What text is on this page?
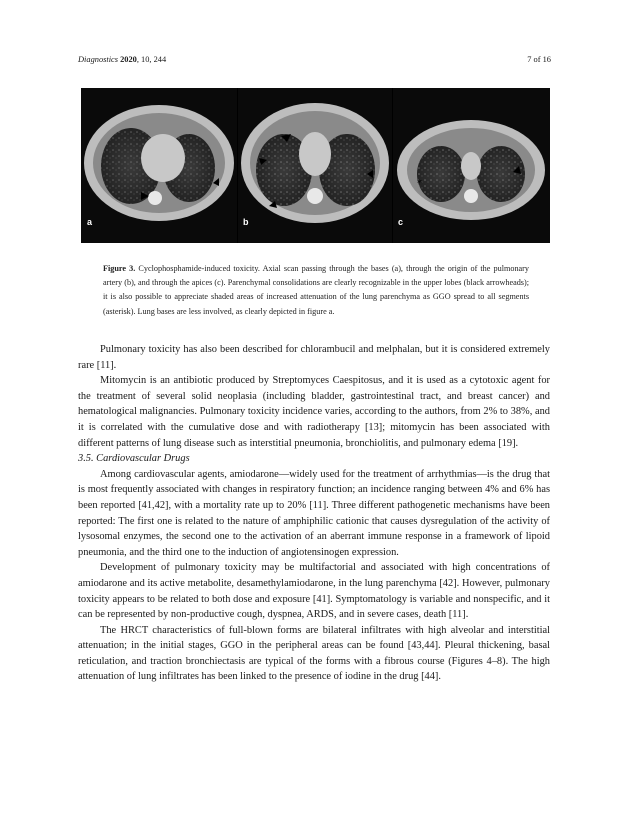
Diagnostics 2020, 10, 244	7 of 16
*
a	b	c
Figure 3. Cyclophosphamide-induced toxicity. Axial scan passing through the bases (a), through the origin of the pulmonary artery (b), and through the apices (c). Parenchymal consolidations are clearly recognizable in the upper lobes (black arrowheads); it is also possible to appreciate shaded areas of increased attenuation of the lung parenchyma as GGO spread to all segments (asterisk). Lung bases are less involved, as clearly depicted in figure a.

Pulmonary toxicity has also been described for chlorambucil and melphalan, but it is considered extremely rare [11].

Mitomycin is an antibiotic produced by Streptomyces Caespitosus, and it is used as a cytotoxic agent for the treatment of several solid neoplasia (including bladder, gastrointestinal tract, and breast cancer) and hematological malignancies. Pulmonary toxicity incidence varies, according to the authors, from 2% to 38%, and it is correlated with the cumulative dose and with radiotherapy [13]; mitomycin has been associated with different patterns of lung disease such as interstitial pneumonia, bronchiolitis, and pulmonary edema [19].

3.5. Cardiovascular Drugs

Among cardiovascular agents, amiodarone—widely used for the treatment of arrhythmias—is the drug that is most frequently associated with changes in respiratory function; an incidence ranging between 4% and 6% has been reported [41,42], with a mortality rate up to 20% [11]. Three different pathogenetic mechanisms have been reported: The first one is related to the nature of amphiphilic cationic that causes dysregulation of the activity of lysosomal enzymes, the second one to the activation of an aberrant immune response in a framework of lipoid pneumonia, and the third one to the induction of angiotensinogen expression.

Development of pulmonary toxicity may be multifactorial and associated with high concentrations of amiodarone and its active metabolite, desamethylamiodarone, in the lung parenchyma [42]. However, pulmonary toxicity appears to be related to both dose and exposure [41]. Symptomatology is variable and nonspecific, and it can be represented by non-productive cough, dyspnea, ARDS, and in severe cases, death [11].

The HRCT characteristics of full-blown forms are bilateral infiltrates with high alveolar and interstitial attenuation; in the initial stages, GGO in the peripheral areas can be found [43,44]. Pleural thickening, basal reticulation, and traction bronchiectasis are typical of the forms with a fibrous course (Figures 4–8). The high attenuation of lung infiltrates has been linked to the presence of iodine in the drug [44].
